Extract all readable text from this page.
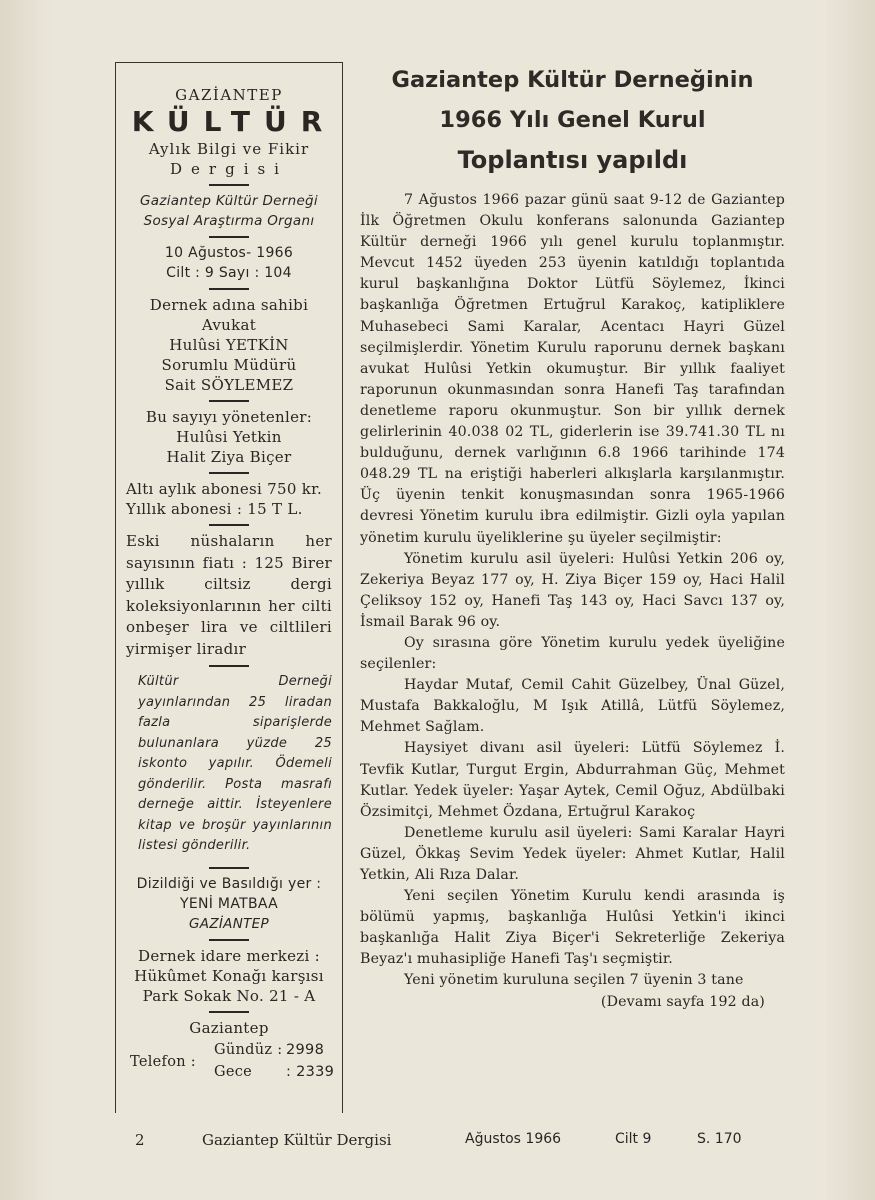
GAZİANTEP
KÜLTÜR
Aylık Bilgi ve Fikir
Dergisi
Gaziantep Kültür Derneği
Sosyal Araştırma Organı
10 Ağustos- 1966
Cilt : 9 Sayı : 104
Dernek adına sahibi
Avukat
Hulûsi YETKİN
Sorumlu Müdürü
Sait SÖYLEMEZ
Bu sayıyı yönetenler:
Hulûsi Yetkin
Halit Ziya Biçer
Altı aylık abonesi 750 kr.
Yıllık abonesi : 15 T L.
Eski nüshaların her sayısının fiatı : 125 Birer yıllık ciltsiz dergi koleksiyonlarının her cilti onbeşer lira ve ciltlileri yirmişer liradır
Kültür Derneği yayınlarından 25 liradan fazla siparişlerde bulunanlara yüzde 25 iskonto yapılır. Ödemeli gönderilir. Posta masrafı derneğe aittir. İsteyenlere kitap ve broşür yayınlarının listesi gönderilir.
Dizildiği ve Basıldığı yer :
YENİ MATBAA
GAZİANTEP
Dernek idare merkezi :
Hükûmet Konağı karşısı
Park Sokak No. 21 - A
Gaziantep
Telefon :
Gündüz : 2998
Gece : 2339
Gaziantep Kültür Derneğinin
1966 Yılı Genel Kurul
Toplantısı yapıldı

7 Ağustos 1966 pazar günü saat 9-12 de Gaziantep İlk Öğretmen Okulu konferans salonunda Gaziantep Kültür derneği 1966 yılı genel kurulu toplanmıştır. Mevcut 1452 üyeden 253 üyenin katıldığı toplantıda kurul başkanlığına Doktor Lütfü Söylemez, İkinci başkanlığa Öğretmen Ertuğrul Karakoç, katipliklere Muhasebeci Sami Karalar, Acentacı Hayri Güzel seçilmişlerdir. Yönetim Kurulu raporunu dernek başkanı avukat Hulûsi Yetkin okumuştur. Bir yıllık faaliyet raporunun okunmasından sonra Hanefi Taş tarafından denetleme raporu okunmuştur. Son bir yıllık dernek gelirlerinin 40.038 02 TL, giderlerin ise 39.741.30 TL nı bulduğunu, dernek varlığının 6.8 1966 tarihinde 174 048.29 TL na eriştiği haberleri alkışlarla karşılanmıştır. Üç üyenin tenkit konuşmasından sonra 1965-1966 devresi Yönetim kurulu ibra edilmiştir. Gizli oyla yapılan yönetim kurulu üyeliklerine şu üyeler seçilmiştir:

Yönetim kurulu asil üyeleri: Hulûsi Yetkin 206 oy, Zekeriya Beyaz 177 oy, H. Ziya Biçer 159 oy, Haci Halil Çeliksoy 152 oy, Hanefi Taş 143 oy, Haci Savcı 137 oy, İsmail Barak 96 oy.

Oy sırasına göre Yönetim kurulu yedek üyeliğine seçilenler:

Haydar Mutaf, Cemil Cahit Güzelbey, Ünal Güzel, Mustafa Bakkaloğlu, M Işık Atillâ, Lütfü Söylemez, Mehmet Sağlam.

Haysiyet divanı asil üyeleri: Lütfü Söylemez İ. Tevfik Kutlar, Turgut Ergin, Abdurrahman Güç, Mehmet Kutlar. Yedek üyeler: Yaşar Aytek, Cemil Oğuz, Abdülbaki Özsimitçi, Mehmet Özdana, Ertuğrul Karakoç

Denetleme kurulu asil üyeleri: Sami Karalar Hayri Güzel, Ökkaş Sevim Yedek üyeler: Ahmet Kutlar, Halil Yetkin, Ali Rıza Dalar.

Yeni seçilen Yönetim Kurulu kendi arasında iş bölümü yapmış, başkanlığa Hulûsi Yetkin'i ikinci başkanlığa Halit Ziya Biçer'i Sekreterliğe Zekeriya Beyaz'ı muhasipliğe Hanefi Taş'ı seçmiştir.

Yeni yönetim kuruluna seçilen 7 üyenin 3 tane

(Devamı sayfa 192 da)
2	Gaziantep Kültür Dergisi	Ağustos 1966	Cilt 9	S. 170
